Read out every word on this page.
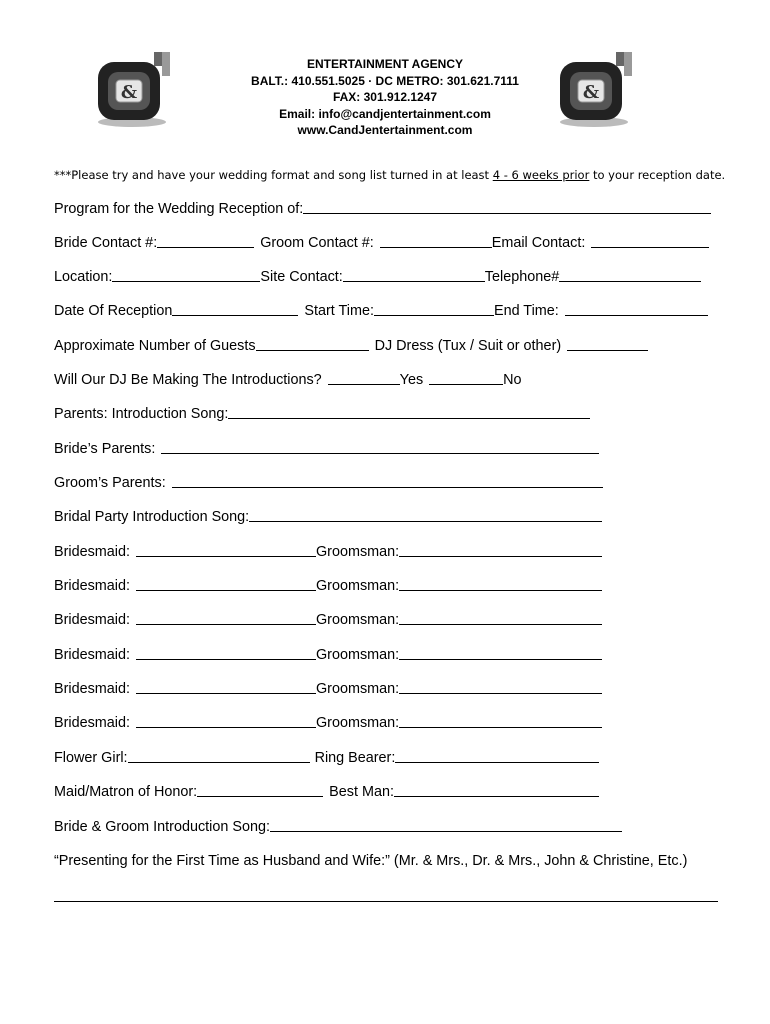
&	&
ENTERTAINMENT AGENCY
BALT.: 410.551.5025 · DC METRO: 301.621.7111
FAX: 301.912.1247
Email: info@candjentertainment.com
www.CandJentertainment.com
***Please try and have your wedding format and song list turned in at least 4 - 6 weeks prior to your reception date.
Program for the Wedding Reception of:
Bride Contact #:	Groom Contact #:	Email Contact:
Location:	Site Contact:	Telephone#
Date Of Reception	Start Time:	End Time:
Approximate Number of Guests	DJ Dress (Tux / Suit or other)
Will Our DJ Be Making The Introductions?	Yes	No
Parents: Introduction Song:
Bride’s Parents:
Groom’s Parents:
Bridal Party Introduction Song:
Bridesmaid:	Groomsman:
Bridesmaid:	Groomsman:
Bridesmaid:	Groomsman:
Bridesmaid:	Groomsman:
Bridesmaid:	Groomsman:
Bridesmaid:	Groomsman:
Flower Girl:	Ring Bearer:
Maid/Matron of Honor:	Best Man:
Bride & Groom Introduction Song:
“Presenting for the First Time as Husband and Wife:” (Mr. & Mrs., Dr. & Mrs., John & Christine, Etc.)
